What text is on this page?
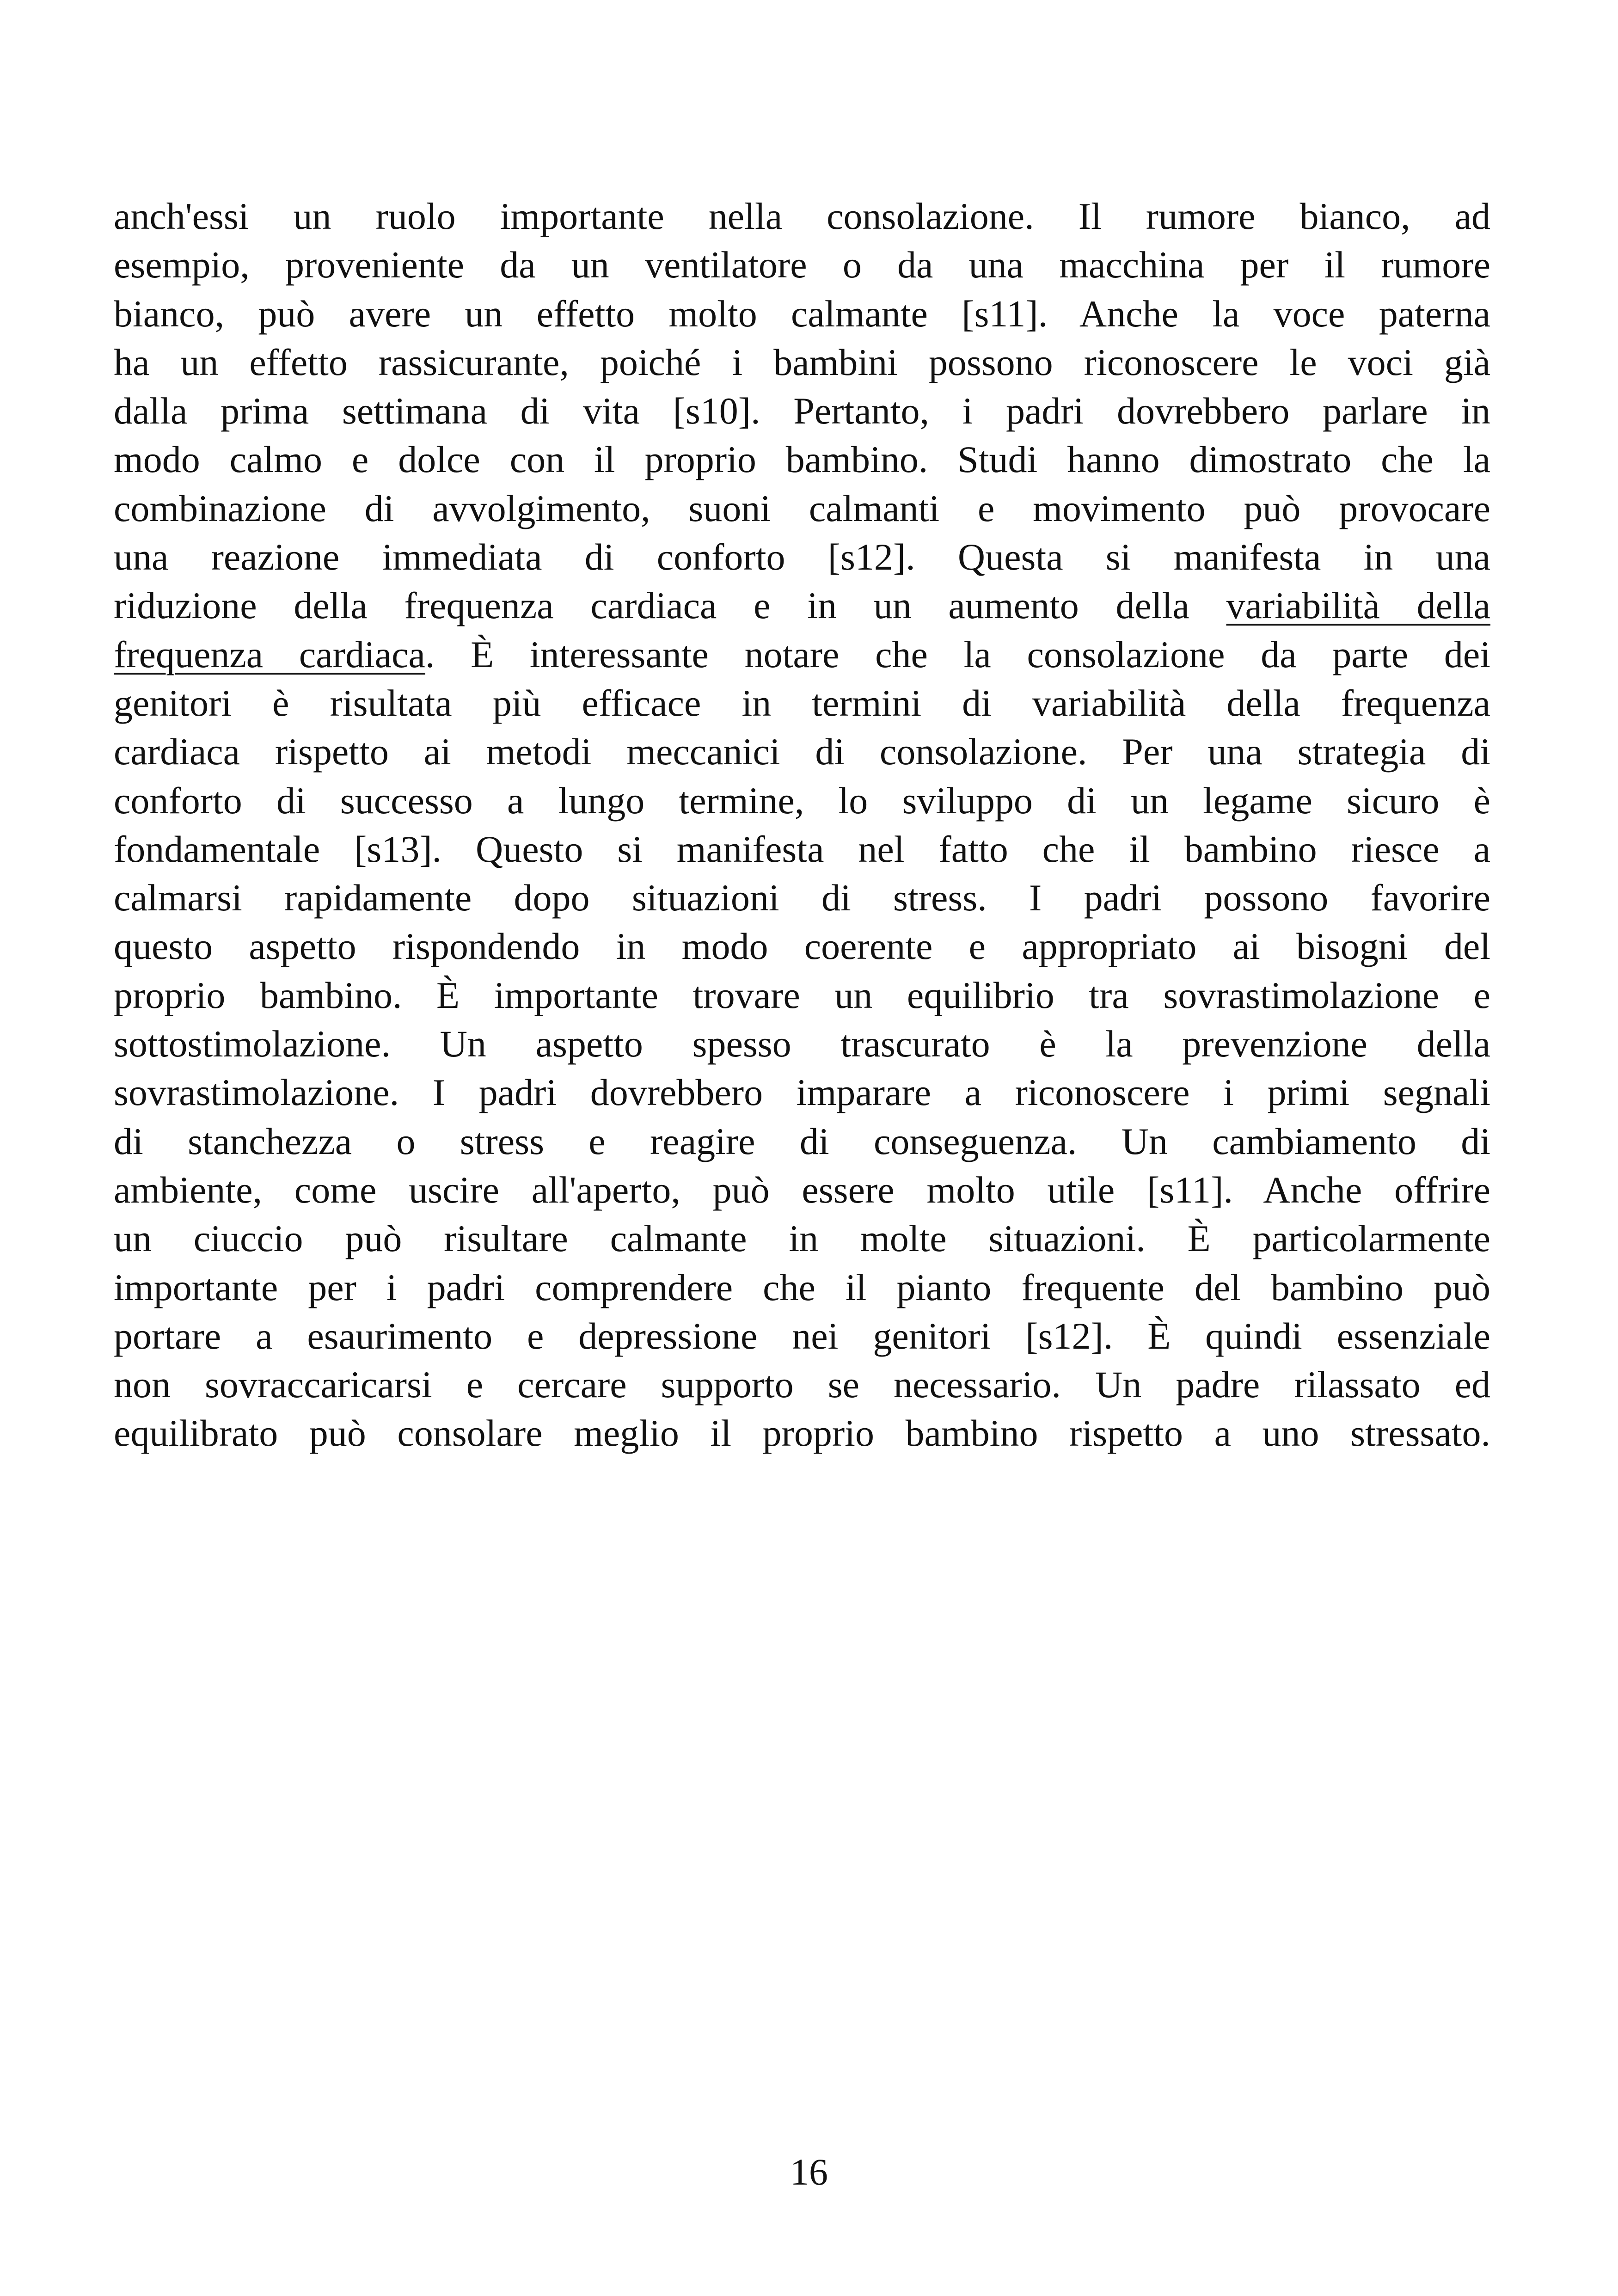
anch'essi un ruolo importante nella consolazione. Il rumore bianco, ad
esempio, proveniente da un ventilatore o da una macchina per il rumore
bianco, può avere un effetto molto calmante [s11]. Anche la voce paterna
ha un effetto rassicurante, poiché i bambini possono riconoscere le voci già
dalla prima settimana di vita [s10]. Pertanto, i padri dovrebbero parlare in
modo calmo e dolce con il proprio bambino. Studi hanno dimostrato che la
combinazione di avvolgimento, suoni calmanti e movimento può provocare
una reazione immediata di conforto [s12]. Questa si manifesta in una
riduzione della frequenza cardiaca e in un aumento della variabilità della
frequenza cardiaca. È interessante notare che la consolazione da parte dei
genitori è risultata più efficace in termini di variabilità della frequenza
cardiaca rispetto ai metodi meccanici di consolazione. Per una strategia di
conforto di successo a lungo termine, lo sviluppo di un legame sicuro è
fondamentale [s13]. Questo si manifesta nel fatto che il bambino riesce a
calmarsi rapidamente dopo situazioni di stress. I padri possono favorire
questo aspetto rispondendo in modo coerente e appropriato ai bisogni del
proprio bambino. È importante trovare un equilibrio tra sovrastimolazione e
sottostimolazione. Un aspetto spesso trascurato è la prevenzione della
sovrastimolazione. I padri dovrebbero imparare a riconoscere i primi segnali
di stanchezza o stress e reagire di conseguenza. Un cambiamento di
ambiente, come uscire all'aperto, può essere molto utile [s11]. Anche offrire
un ciuccio può risultare calmante in molte situazioni. È particolarmente
importante per i padri comprendere che il pianto frequente del bambino può
portare a esaurimento e depressione nei genitori [s12]. È quindi essenziale
non sovraccaricarsi e cercare supporto se necessario. Un padre rilassato ed
equilibrato può consolare meglio il proprio bambino rispetto a uno stressato.
16
